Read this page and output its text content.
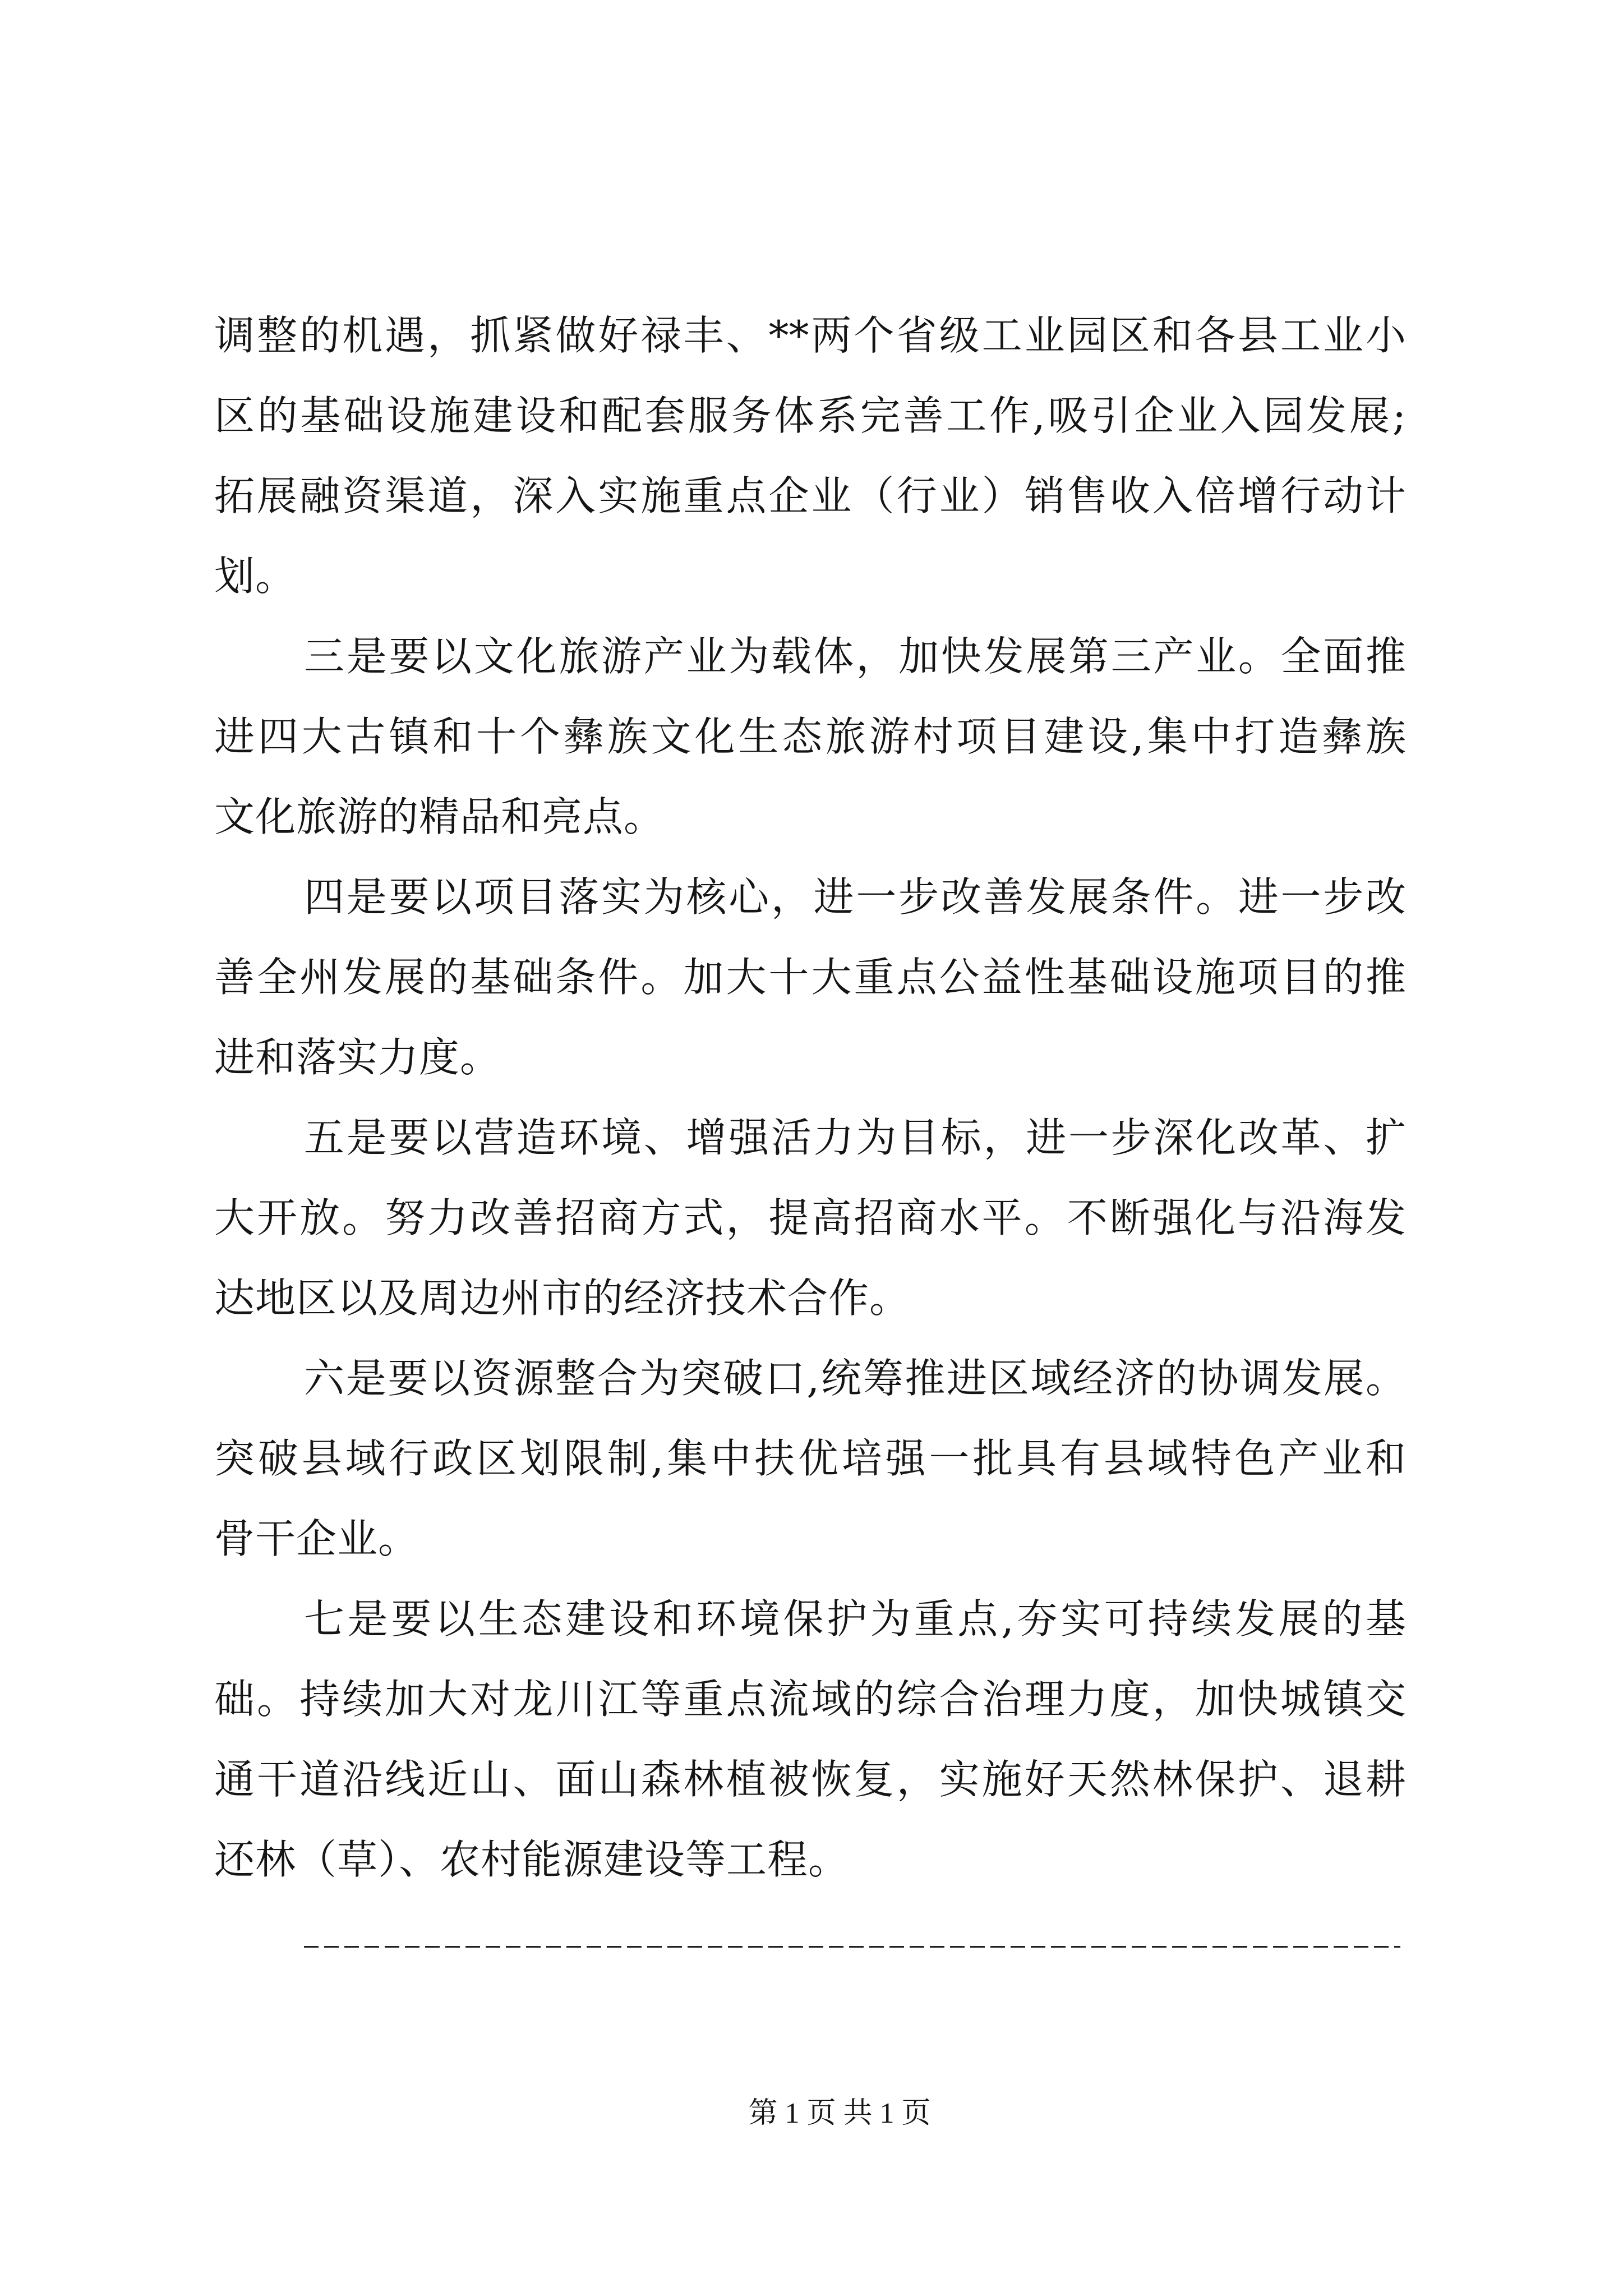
调整的机遇，抓紧做好禄丰、**两个省级工业园区和各县工业小
区的基础设施建设和配套服务体系完善工作,吸引企业入园发展;
拓展融资渠道，深入实施重点企业（行业）销售收入倍增行动计
划。
三是要以文化旅游产业为载体，加快发展第三产业。全面推
进四大古镇和十个彝族文化生态旅游村项目建设,集中打造彝族
文化旅游的精品和亮点。
四是要以项目落实为核心，进一步改善发展条件。进一步改
善全州发展的基础条件。加大十大重点公益性基础设施项目的推
进和落实力度。
五是要以营造环境、增强活力为目标，进一步深化改革、扩
大开放。努力改善招商方式，提高招商水平。不断强化与沿海发
达地区以及周边州市的经济技术合作。
六是要以资源整合为突破口,统筹推进区域经济的协调发展。
突破县域行政区划限制,集中扶优培强一批具有县域特色产业和
骨干企业。
七是要以生态建设和环境保护为重点,夯实可持续发展的基
础。持续加大对龙川江等重点流域的综合治理力度，加快城镇交
通干道沿线近山、面山森林植被恢复，实施好天然林保护、退耕
还林（草）、农村能源建设等工程。
第 1 页 共 1 页
